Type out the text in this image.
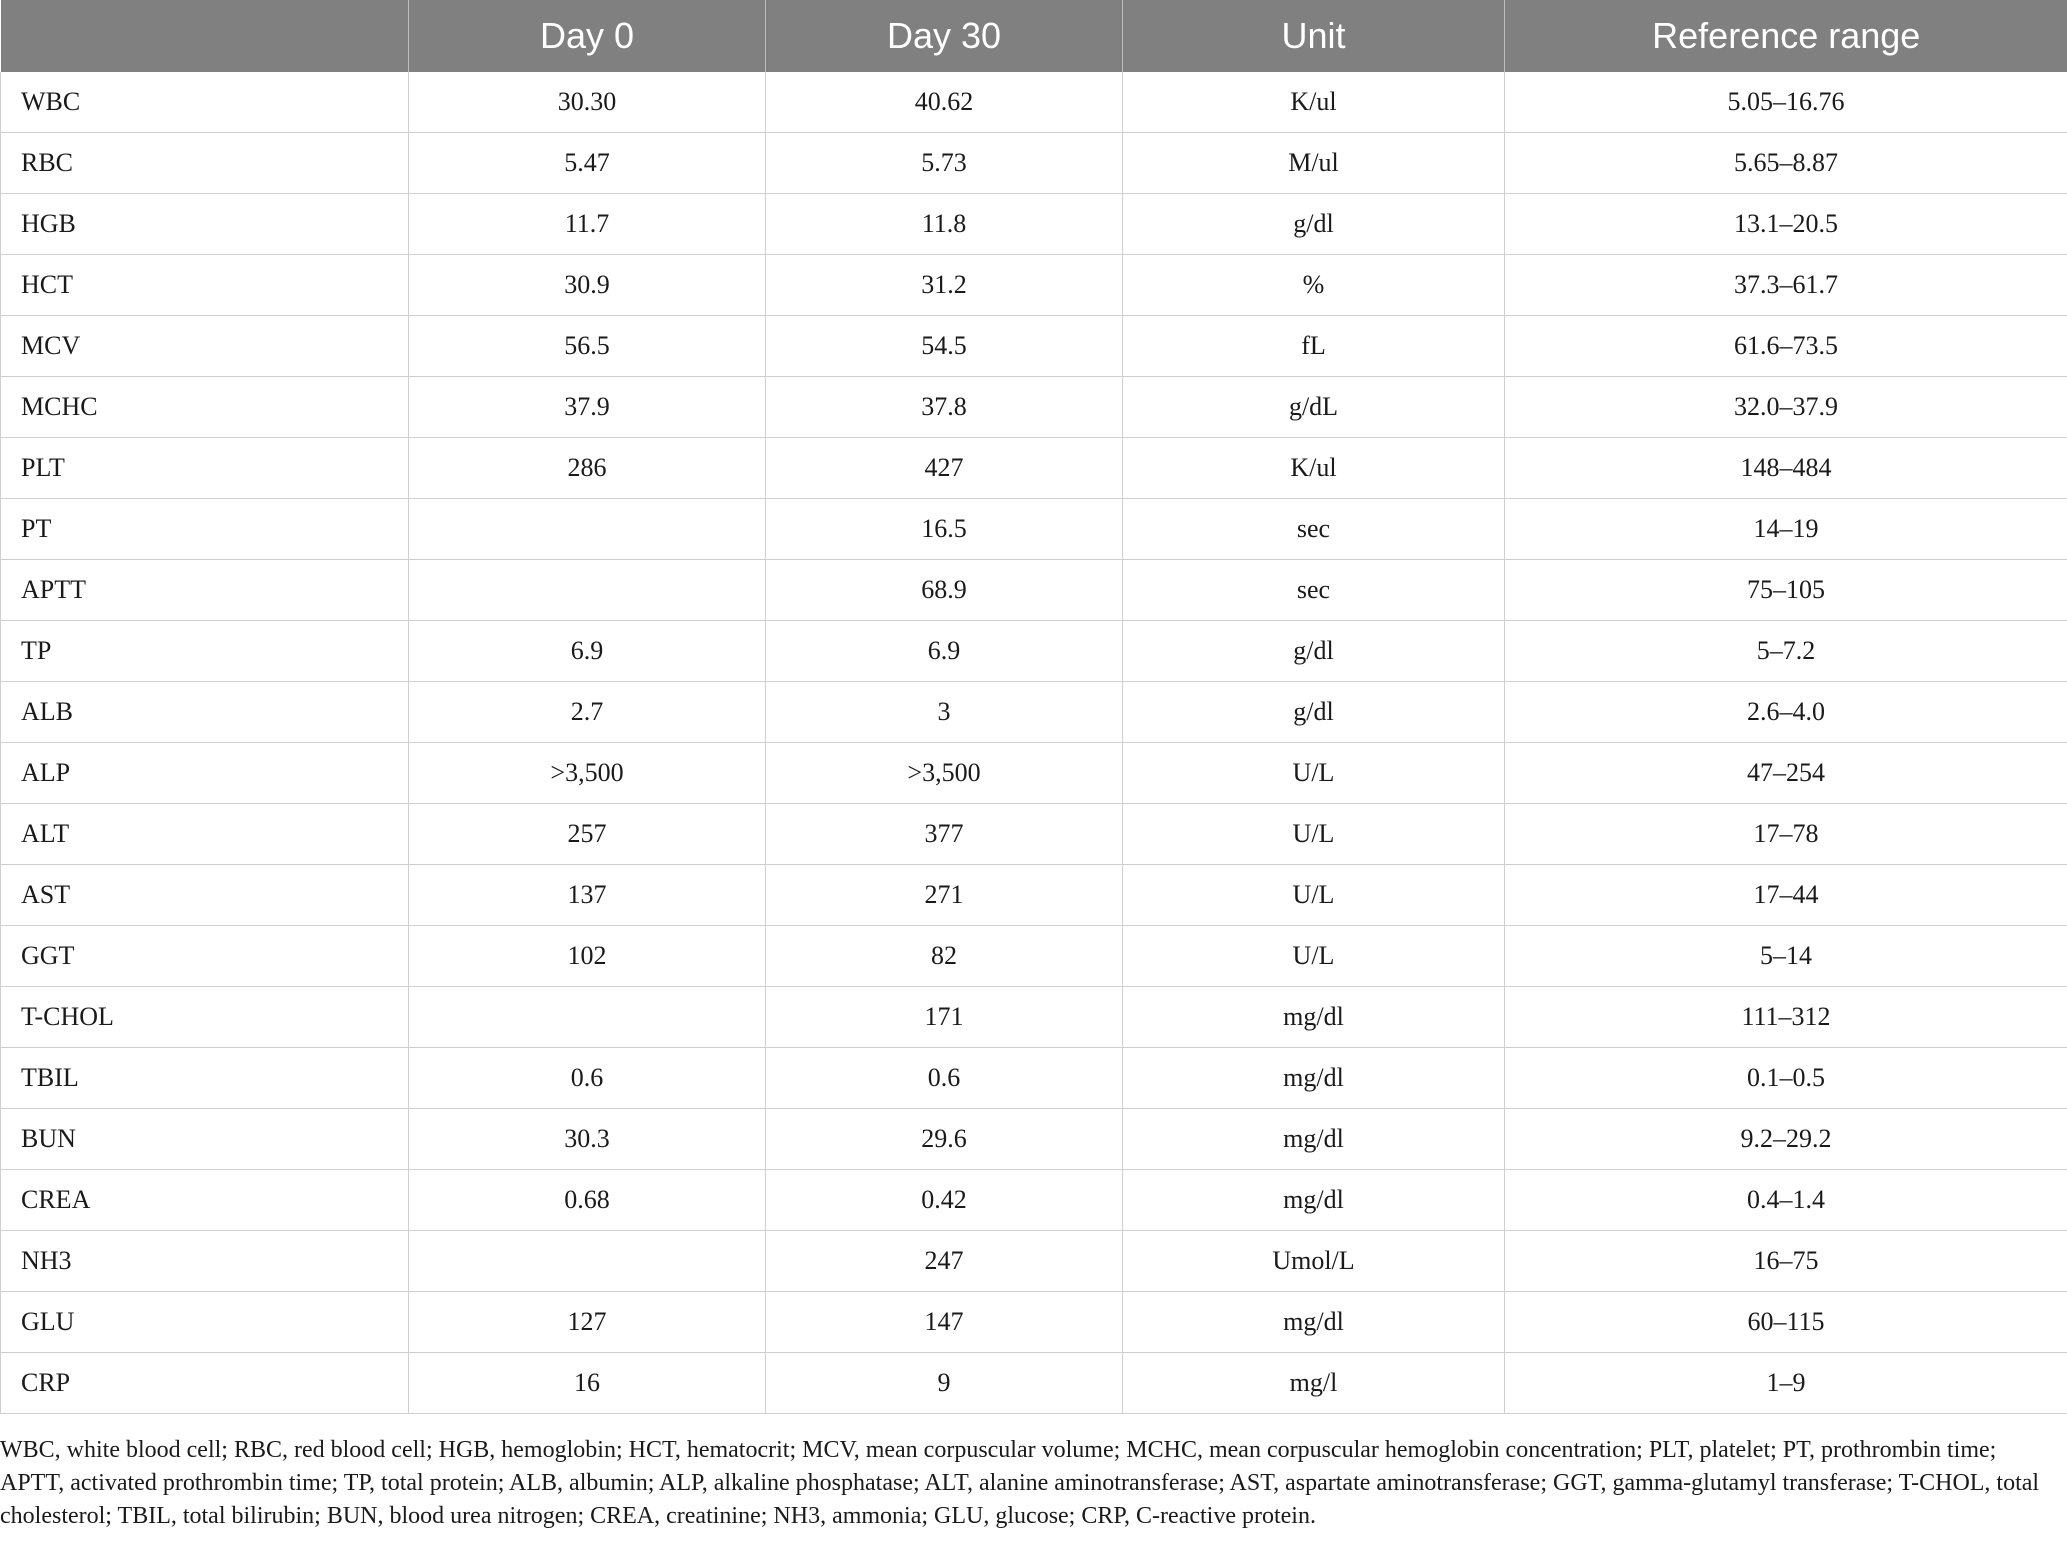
	Day 0	Day 30	Unit	Reference range
WBC	30.30	40.62	K/ul	5.05–16.76
RBC	5.47	5.73	M/ul	5.65–8.87
HGB	11.7	11.8	g/dl	13.1–20.5
HCT	30.9	31.2	%	37.3–61.7
MCV	56.5	54.5	fL	61.6–73.5
MCHC	37.9	37.8	g/dL	32.0–37.9
PLT	286	427	K/ul	148–484
PT		16.5	sec	14–19
APTT		68.9	sec	75–105
TP	6.9	6.9	g/dl	5–7.2
ALB	2.7	3	g/dl	2.6–4.0
ALP	>3,500	>3,500	U/L	47–254
ALT	257	377	U/L	17–78
AST	137	271	U/L	17–44
GGT	102	82	U/L	5–14
T-CHOL		171	mg/dl	111–312
TBIL	0.6	0.6	mg/dl	0.1–0.5
BUN	30.3	29.6	mg/dl	9.2–29.2
CREA	0.68	0.42	mg/dl	0.4–1.4
NH3		247	Umol/L	16–75
GLU	127	147	mg/dl	60–115
CRP	16	9	mg/l	1–9

WBC, white blood cell; RBC, red blood cell; HGB, hemoglobin; HCT, hematocrit; MCV, mean corpuscular volume; MCHC, mean corpuscular hemoglobin concentration; PLT, platelet; PT, prothrombin time; APTT, activated prothrombin time; TP, total protein; ALB, albumin; ALP, alkaline phosphatase; ALT, alanine aminotransferase; AST, aspartate aminotransferase; GGT, gamma-glutamyl transferase; T-CHOL, total cholesterol; TBIL, total bilirubin; BUN, blood urea nitrogen; CREA, creatinine; NH3, ammonia; GLU, glucose; CRP, C-reactive protein.
